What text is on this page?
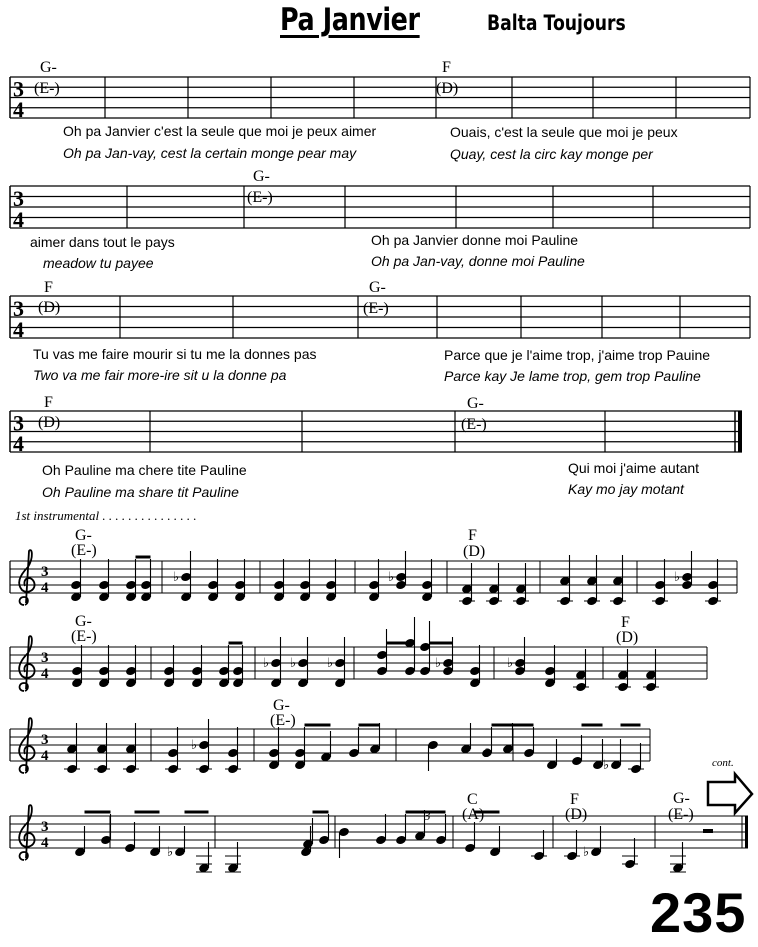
Pa Janvier	Balta Toujours
G-
(E-)
F
(D)
Oh pa Janvier c'est la seule que moi je peux aimer	Ouais, c'est la seule que moi je peux
Oh pa Jan-vay, cest la certain monge pear may	Quay, cest la circ kay monge per
G-
(E-)
aimer dans tout le pays	Oh pa Janvier donne moi Pauline
meadow tu payee	Oh pa Jan-vay, donne moi Pauline
F
(D)
G-
(E-)
Tu vas me faire mourir si tu me la donnes pas	Parce que je l'aime trop, j'aime trop Pauine
Two va me fair more-ire sit u la donne pa	Parce kay Je lame trop, gem trop Pauline
F
(D)
G-
(E-)
Oh Pauline ma chere tite Pauline	Qui moi j'aime autant
Oh Pauline ma share tit Pauline	Kay mo jay motant
1st instrumental . . . . . . . . . . . . . . .
G-
(E-)
F
(D)
G-
(E-)
F
(D)
G-
(E-)
C
(A)
F
(D)
G-
(E-)
cont.
235
3
4
3
4
3
4
3
4
3
4
♭	♭	♭
3
4
♭ ♭ ♭	♭	♭
3
4
♭
♭
3
4
♭	♭
3
3
